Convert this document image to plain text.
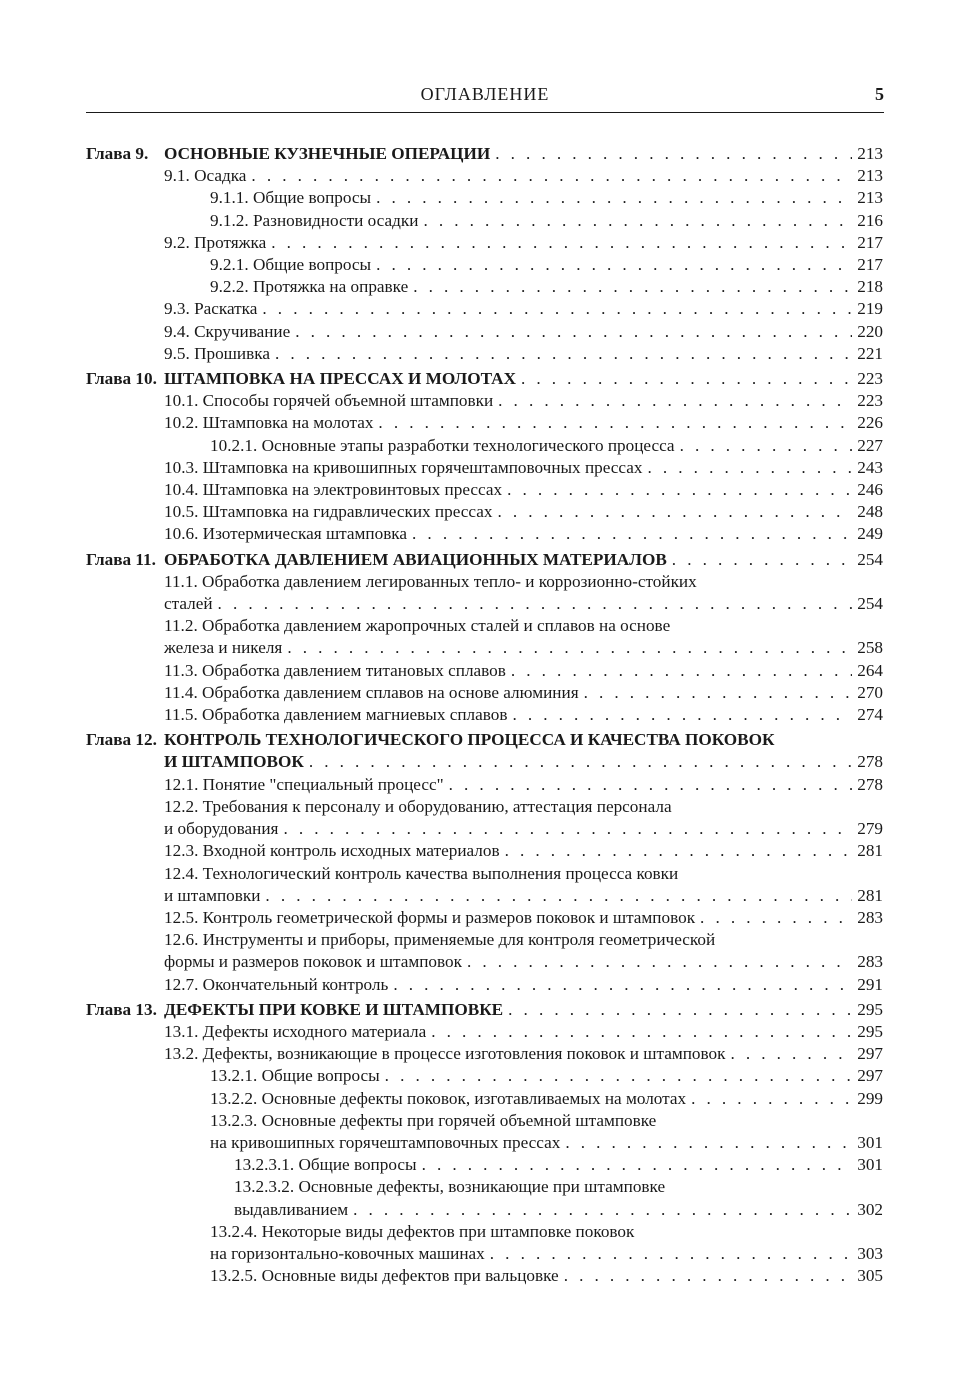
ОГЛАВЛЕНИЕ	5
Глава 9. ОСНОВНЫЕ КУЗНЕЧНЫЕ ОПЕРАЦИИ . . .	213
9.1. Осадка . . .	213
9.1.1. Общие вопросы . . .	213
9.1.2. Разновидности осадки . . .	216
9.2. Протяжка . . .	217
9.2.1. Общие вопросы . . .	217
9.2.2. Протяжка на оправке . . .	218
9.3. Раскатка . . .	219
9.4. Скручивание . . .	220
9.5. Прошивка . . .	221
Глава 10. ШТАМПОВКА НА ПРЕССАХ И МОЛОТАХ . . .	223
10.1. Способы горячей объемной штамповки . . .	223
10.2. Штамповка на молотах . . .	226
10.2.1. Основные этапы разработки технологического процесса . . .	227
10.3. Штамповка на кривошипных горячештамповочных прессах . . .	243
10.4. Штамповка на электровинтовых прессах . . .	246
10.5. Штамповка на гидравлических прессах . . .	248
10.6. Изотермическая штамповка . . .	249
Глава 11. ОБРАБОТКА ДАВЛЕНИЕМ АВИАЦИОННЫХ МАТЕРИАЛОВ . . .	254
11.1. Обработка давлением легированных тепло- и коррозионно-стойких
сталей . . .	254
11.2. Обработка давлением жаропрочных сталей и сплавов на основе
железа и никеля . . .	258
11.3. Обработка давлением титановых сплавов . . .	264
11.4. Обработка давлением сплавов на основе алюминия . . .	270
11.5. Обработка давлением магниевых сплавов . . .	274
Глава 12. КОНТРОЛЬ ТЕХНОЛОГИЧЕСКОГО ПРОЦЕССА И КАЧЕСТВА ПОКОВОК
И ШТАМПОВОК . . .	278
12.1. Понятие "специальный процесс" . . .	278
12.2. Требования к персоналу и оборудованию, аттестация персонала
и оборудования . . .	279
12.3. Входной контроль исходных материалов . . .	281
12.4. Технологический контроль качества выполнения процесса ковки
и штамповки . . .	281
12.5. Контроль геометрической формы и размеров поковок и штамповок . . .	283
12.6. Инструменты и приборы, применяемые для контроля геометрической
формы и размеров поковок и штамповок . . .	283
12.7. Окончательный контроль . . .	291
Глава 13. ДЕФЕКТЫ ПРИ КОВКЕ И ШТАМПОВКЕ . . .	295
13.1. Дефекты исходного материала . . .	295
13.2. Дефекты, возникающие в процессе изготовления поковок и штамповок . . .	297
13.2.1. Общие вопросы . . .	297
13.2.2. Основные дефекты поковок, изготавливаемых на молотах . . .	299
13.2.3. Основные дефекты при горячей объемной штамповке
на кривошипных горячештамповочных прессах . . .	301
13.2.3.1. Общие вопросы . . .	301
13.2.3.2. Основные дефекты, возникающие при штамповке
выдавливанием . . .	302
13.2.4. Некоторые виды дефектов при штамповке поковок
на горизонтально-ковочных машинах . . .	303
13.2.5. Основные виды дефектов при вальцовке . . .	305
